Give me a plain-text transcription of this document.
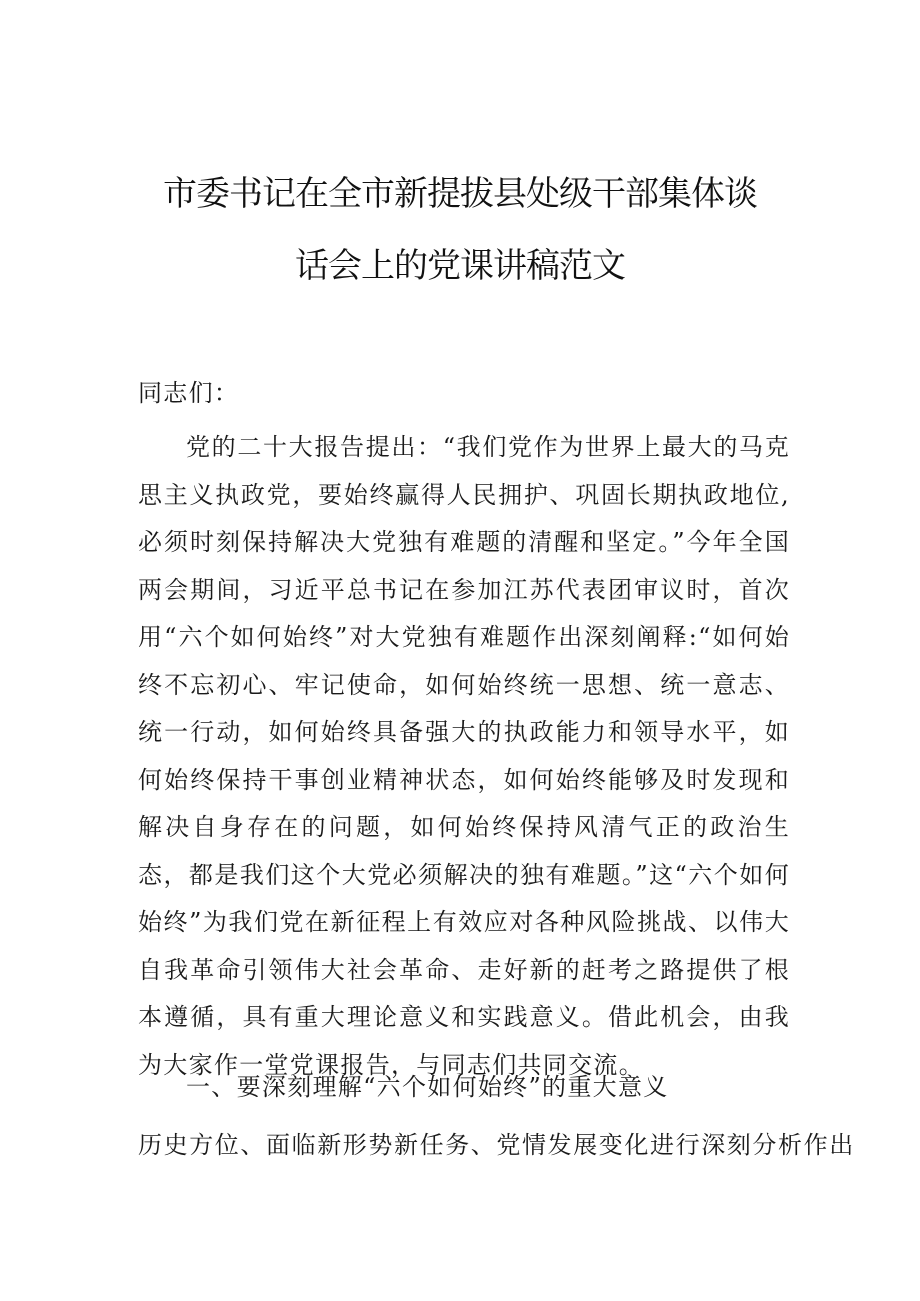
市委书记在全市新提拔县处级干部集体谈
话会上的党课讲稿范文

同志们：

党的二十大报告提出：“我们党作为世界上最大的马克思主义执政党，要始终赢得人民拥护、巩固长期执政地位,必须时刻保持解决大党独有难题的清醒和坚定。”今年全国两会期间，习近平总书记在参加江苏代表团审议时，首次用“六个如何始终”对大党独有难题作出深刻阐释:“如何始终不忘初心、牢记使命，如何始终统一思想、统一意志、统一行动，如何始终具备强大的执政能力和领导水平，如何始终保持干事创业精神状态，如何始终能够及时发现和解决自身存在的问题，如何始终保持风清气正的政治生态，都是我们这个大党必须解决的独有难题。”这“六个如何始终”为我们党在新征程上有效应对各种风险挑战、以伟大自我革命引领伟大社会革命、走好新的赶考之路提供了根本遵循，具有重大理论意义和实践意义。借此机会，由我为大家作一堂党课报告，与同志们共同交流。

一、要深刻理解“六个如何始终”的重大意义

历史方位、面临新形势新任务、党情发展变化进行深刻分析作出
